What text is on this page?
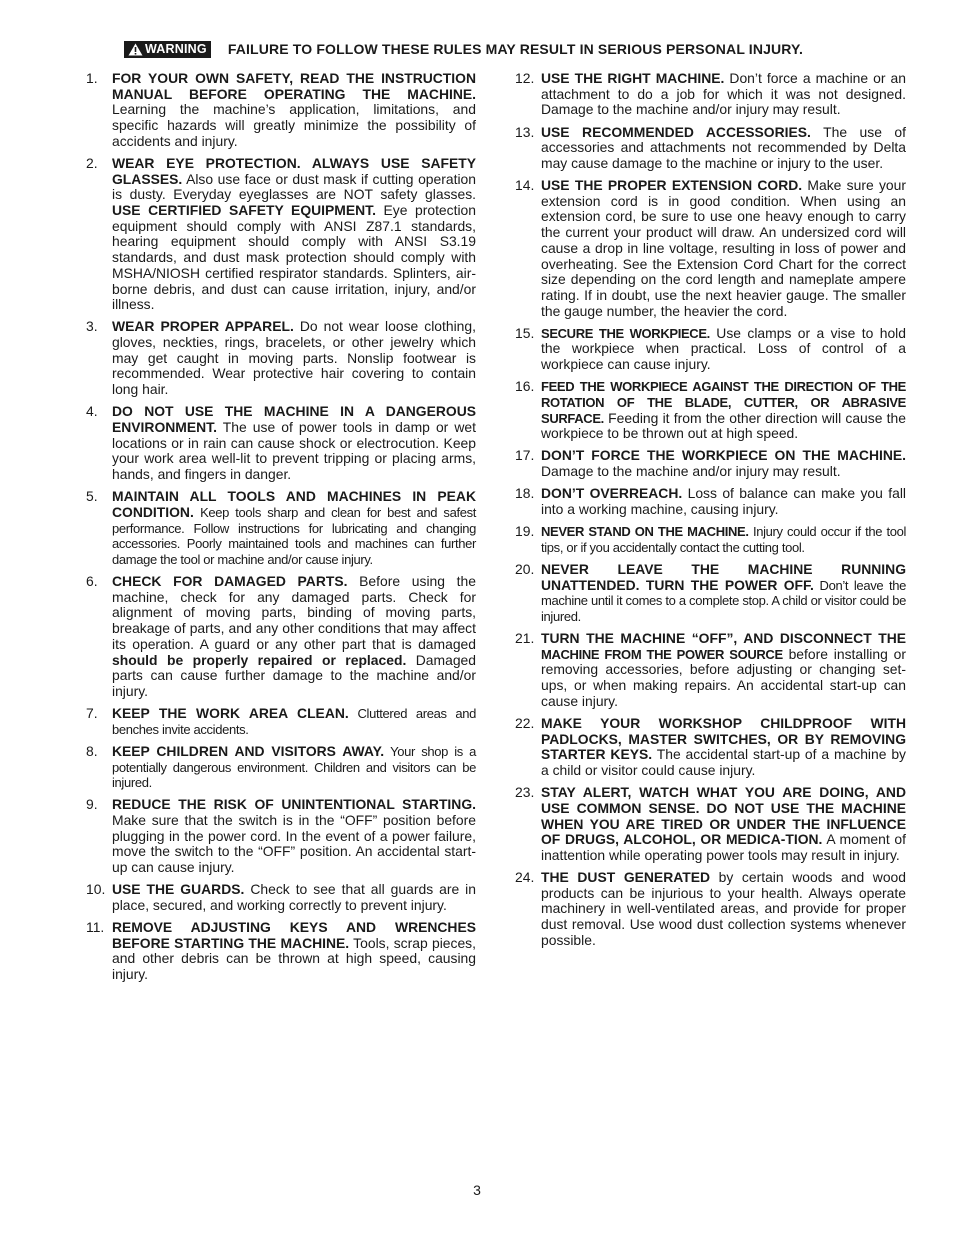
WARNING FAILURE TO FOLLOW THESE RULES MAY RESULT IN SERIOUS PERSONAL INJURY.
1.	FOR YOUR OWN SAFETY, READ THE INSTRUCTION MANUAL BEFORE OPERATING THE MACHINE. Learning the machine’s application, limitations, and specific hazards will greatly minimize the possibility of accidents and injury.
2.	WEAR EYE PROTECTION. ALWAYS USE SAFETY GLASSES. Also use face or dust mask if cutting operation is dusty. Everyday eyeglasses are NOT safety glasses. USE CERTIFIED SAFETY EQUIPMENT. Eye protection equipment should comply with ANSI Z87.1 standards, hearing equipment should comply with ANSI S3.19 standards, and dust mask protection should comply with MSHA/NIOSH certified respirator standards. Splinters, air-borne debris, and dust can cause irritation, injury, and/or illness.
3.	WEAR PROPER APPAREL. Do not wear loose clothing, gloves, neckties, rings, bracelets, or other jewelry which may get caught in moving parts. Nonslip footwear is recommended. Wear protective hair covering to contain long hair.
4.	DO NOT USE THE MACHINE IN A DANGEROUS ENVIRONMENT. The use of power tools in damp or wet locations or in rain can cause shock or electrocution. Keep your work area well-lit to prevent tripping or placing arms, hands, and fingers in danger.
5.	MAINTAIN ALL TOOLS AND MACHINES IN PEAK CONDITION. Keep tools sharp and clean for best and safest performance. Follow instructions for lubricating and changing accessories. Poorly maintained tools and machines can further damage the tool or machine and/or cause injury.
6.	CHECK FOR DAMAGED PARTS. Before using the machine, check for any damaged parts. Check for alignment of moving parts, binding of moving parts, breakage of parts, and any other conditions that may affect its operation. A guard or any other part that is damaged should be properly repaired or replaced. Damaged parts can cause further damage to the machine and/or injury.
7.	KEEP THE WORK AREA CLEAN. Cluttered areas and benches invite accidents.
8.	KEEP CHILDREN AND VISITORS AWAY. Your shop is a potentially dangerous environment. Children and visitors can be injured.
9.	REDUCE THE RISK OF UNINTENTIONAL STARTING. Make sure that the switch is in the “OFF” position before plugging in the power cord. In the event of a power failure, move the switch to the “OFF” position. An accidental start-up can cause injury.
10. USE THE GUARDS. Check to see that all guards are in place, secured, and working correctly to prevent injury.
11. REMOVE ADJUSTING KEYS AND WRENCHES BEFORE STARTING THE MACHINE. Tools, scrap pieces, and other debris can be thrown at high speed, causing injury.
12. USE THE RIGHT MACHINE. Don’t force a machine or an attachment to do a job for which it was not designed. Damage to the machine and/or injury may result.
13. USE RECOMMENDED ACCESSORIES. The use of accessories and attachments not recommended by Delta may cause damage to the machine or injury to the user.
14. USE THE PROPER EXTENSION CORD. Make sure your extension cord is in good condition. When using an extension cord, be sure to use one heavy enough to carry the current your product will draw. An undersized cord will cause a drop in line voltage, resulting in loss of power and overheating. See the Extension Cord Chart for the correct size depending on the cord length and nameplate ampere rating. If in doubt, use the next heavier gauge. The smaller the gauge number, the heavier the cord.
15. SECURE THE WORKPIECE. Use clamps or a vise to hold the workpiece when practical. Loss of control of a workpiece can cause injury.
16. FEED THE WORKPIECE AGAINST THE DIRECTION OF THE ROTATION OF THE BLADE, CUTTER, OR ABRASIVE SURFACE. Feeding it from the other direction will cause the workpiece to be thrown out at high speed.
17. DON’T FORCE THE WORKPIECE ON THE MACHINE. Damage to the machine and/or injury may result.
18. DON’T OVERREACH. Loss of balance can make you fall into a working machine, causing injury.
19. NEVER STAND ON THE MACHINE. Injury could occur if the tool tips, or if you accidentally contact the cutting tool.
20. NEVER LEAVE THE MACHINE RUNNING UNATTENDED. TURN THE POWER OFF. Don’t leave the machine until it comes to a complete stop. A child or visitor could be injured.
21. TURN THE MACHINE “OFF”, AND DISCONNECT THE MACHINE FROM THE POWER SOURCE before installing or removing accessories, before adjusting or changing set-ups, or when making repairs. An accidental start-up can cause injury.
22. MAKE YOUR WORKSHOP CHILDPROOF WITH PADLOCKS, MASTER SWITCHES, OR BY REMOVING STARTER KEYS. The accidental start-up of a machine by a child or visitor could cause injury.
23. STAY ALERT, WATCH WHAT YOU ARE DOING, AND USE COMMON SENSE. DO NOT USE THE MACHINE WHEN YOU ARE TIRED OR UNDER THE INFLUENCE OF DRUGS, ALCOHOL, OR MEDICA-TION. A moment of inattention while operating power tools may result in injury.
24. THE DUST GENERATED by certain woods and wood products can be injurious to your health. Always operate machinery in well-ventilated areas, and provide for proper dust removal. Use wood dust collection systems whenever possible.
3
